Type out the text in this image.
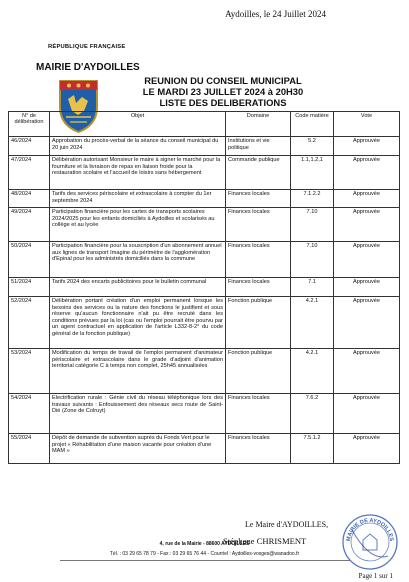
Aydoilles, le 24 Juillet 2024
RÉPUBLIQUE FRANÇAISE
MAIRIE D'AYDOILLES
REUNION DU CONSEIL MUNICIPAL
LE MARDI 23 JUILLET 2024 à 20H30
LISTE DES DELIBERATIONS
N° de délibération	Objet	Domaine	Code matière	Vote
46/2024	Approbation du procès-verbal de la séance du conseil municipal du 20 juin 2024	Institutions et vie politique	5.2	Approuvée
47/2024	Délibération autorisant Monsieur le maire à signer le marché pour la fourniture et la livraison de repas en liaison froide pour la restauration scolaire et l'accueil de loisirs sans hébergement	Commande publique	1.1,1.2,1	Approuvée
48/2024	Tarifs des services périscolaire et extrascolaire à compter du 1er septembre 2024	Finances locales	7.1.2.2	Approuvée
49/2024	Participation financière pour les cartes de transports scolaires 2024/2025 pour les enfants domiciliés à Aydoilles et scolarisés au collège et au lycée	Finances locales	7.10	Approuvée
50/2024	Participation financière pour la souscription d'un abonnement annuel aux lignes de transport Imagine du périmètre de l'agglomération d'Epinal pour les administrés domiciliés dans la commune	Finances locales	7.10	Approuvée
51/2024	Tarifs 2024 des encarts publicitoires pour le bulletin communal	Finances locales	7.1	Approuvée
52/2024	Délibération portant création d'un emploi permanent lorsque les besoins des services ou la nature des fonctions le justifient et sous réserve qu'aucun fonctionnaire n'ait pu être recruté dans les conditions prévues par la loi (cas ou l'emploi pourrait être pourvu par un agent contractuel en application de l'article L332-8-2° du code général de la fonction publique)	Fonction publique	4.2.1	Approuvée
53/2024	Modification du temps de travail de l'emploi permanent d'animateur périscolaire et extrascolaire dans le grade d'adjoint d'animation territorial catégorie C à temps non complet, 25h45 annualisées	Fonction publique	4.2.1	Approuvée
54/2024	Electrification rurale : Génie civil du réseau téléphonique lors des travaux suivants : Enfouissement des réseaux secs route de Saint-Dié (Zone de Colruyt)	Finances locales	7.6.2	Approuvée
55/2024	Dépôt de demande de subvention auprès du Fonds Vert pour le projet « Réhabilitation d'une maison vacante pour création d'une MAM »	Finances locales	7.5.1.2	Approuvée
Le Maire d'AYDOILLES,
MAIRIE DE AYDOILLES
4, rue de la Mairie - 88600 AYDOILLES
Stéphane CHRISMENT
Tél. : 03 29 65 78 79 - Fax : 03 29 65 76 44 - Courriel : Aydoilles-vosges@wanadoo.fr
Page 1 sur 1
